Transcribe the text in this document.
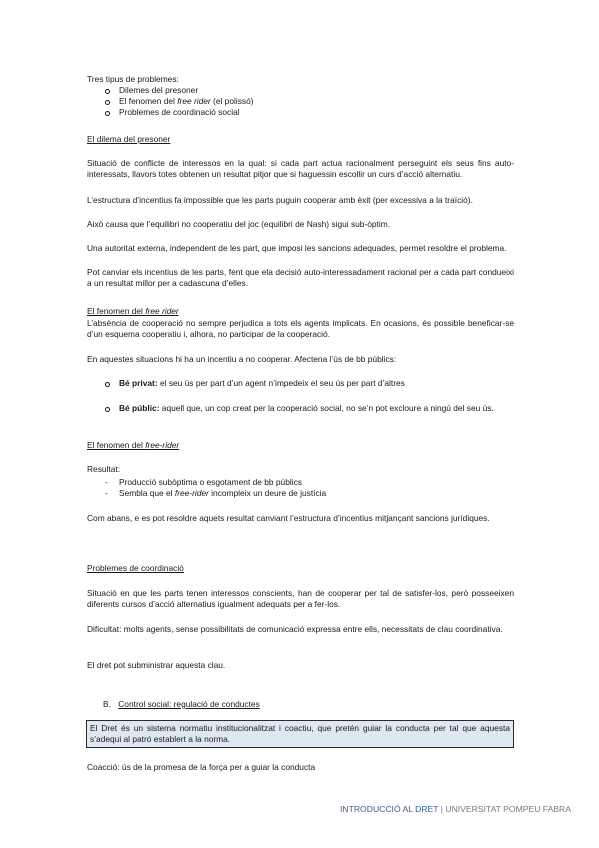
Tres tipus de problemes:
Dilemes del presoner
El fenomen del free rider (el polissó)
Problemes de coordinació social
El dilema del presoner
Situació de conflicte de interessos en la qual: si cada part actua racionalment perseguint els seus fins auto-interessats, llavors totes obtenen un resultat pitjor que si haguessin escollir un curs d’acció alternatiu.
L’estructura d’incentius fa impossible que les parts puguin cooperar amb èxit (per excessiva a la traïció).
Això causa que l’equilibri no cooperatiu del joc (equilibri de Nash) sigui sub-òptim.
Una autoritat externa, independent de les part, que imposi les sancions adequades, permet resoldre el problema.
Pot canviar els incentius de les parts, fent que ela decisió auto-interessadament racional per a cada part condueixi a un resultat millor per a cadascuna d’elles.
El fenomen del free rider
L’absència de cooperació no sempre perjudica a tots els agents implicats. En ocasions, és possible beneficar-se d’un esquema cooperatiu i, alhora, no participar de la cooperació.
En aquestes situacions hi ha un incentiu a no cooperar. Afectena l’ús de bb públics:
Bé privat: el seu ús per part d’un agent n’impedeix el seu ús per part d’altres
Bé públic: aquell que, un cop creat per la cooperació social, no se’n pot excloure a ningú del seu ús.
El fenomen del free-rider
Resultat:
- Producció subòptima o esgotament de bb públics
- Sembla que el free-rider incompleix un deure de justícia
Com abans, e es pot resoldre aquets resultat canviant l’estructura d’incentius mitjançant sancions jurídiques.
Problemes de coordinació
Situació en que les parts tenen interessos conscients, han de cooperar per tal de satisfer-los, però posseeixen diferents cursos d’acció alternatius igualment adequats per a fer-los.
Dificultat: molts agents, sense possibilitats de comunicació expressa entre ells, necessitats de clau coordinativa.
El dret pot subministrar aquesta clau.
B. Control social: regulació de conductes
El Dret és un sistema normatiu institucionalitzat i coactiu, que pretén guiar la conducta per tal que aquesta s’adequi al patró establert a la norma.
Coacció: ús de la promesa de la força per a guiar la conducta
INTRODUCCIÓ AL DRET | UNIVERSITAT POMPEU FABRA
